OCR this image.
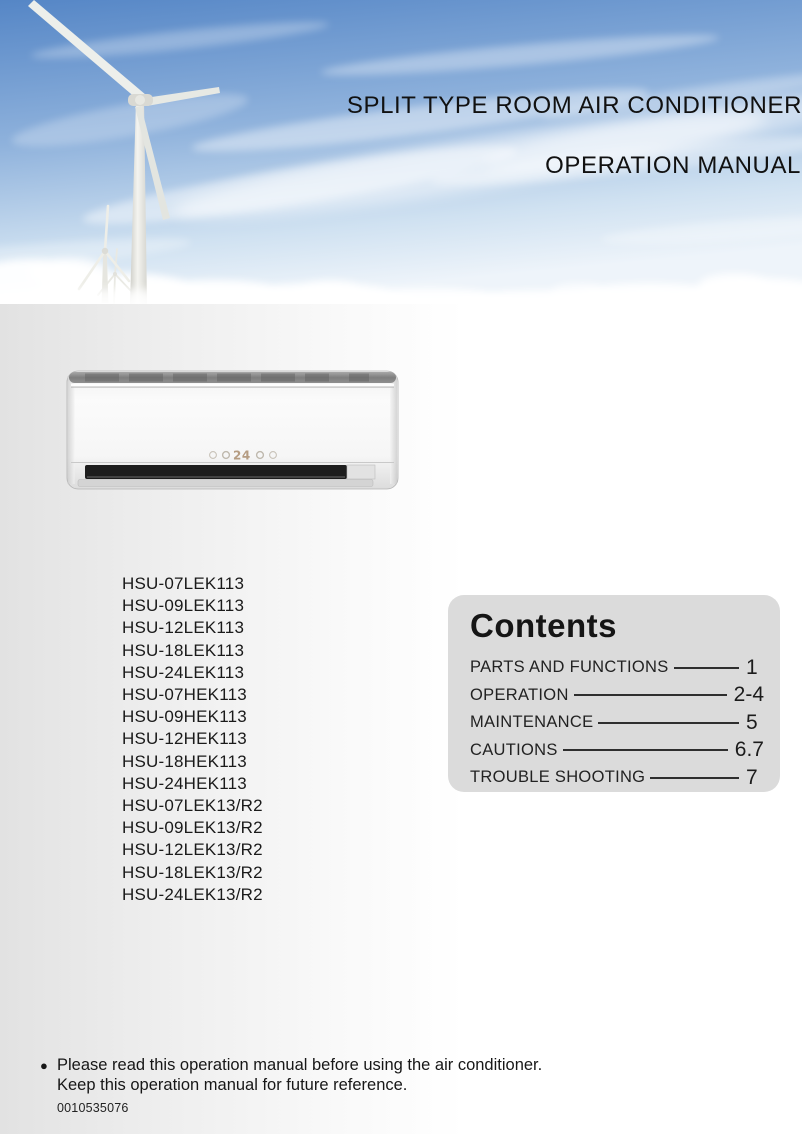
SPLIT TYPE ROOM AIR CONDITIONER
OPERATION MANUAL
24
HSU-07LEK113
HSU-09LEK113
HSU-12LEK113
HSU-18LEK113
HSU-24LEK113
HSU-07HEK113
HSU-09HEK113
HSU-12HEK113
HSU-18HEK113
HSU-24HEK113
HSU-07LEK13/R2
HSU-09LEK13/R2
HSU-12LEK13/R2
HSU-18LEK13/R2
HSU-24LEK13/R2
Contents
PARTS AND FUNCTIONS	1
OPERATION	2-4
MAINTENANCE	5
CAUTIONS	6.7
TROUBLE SHOOTING	7
● Please read this operation manual before using the air conditioner.
Keep this operation manual for future reference.
0010535076
